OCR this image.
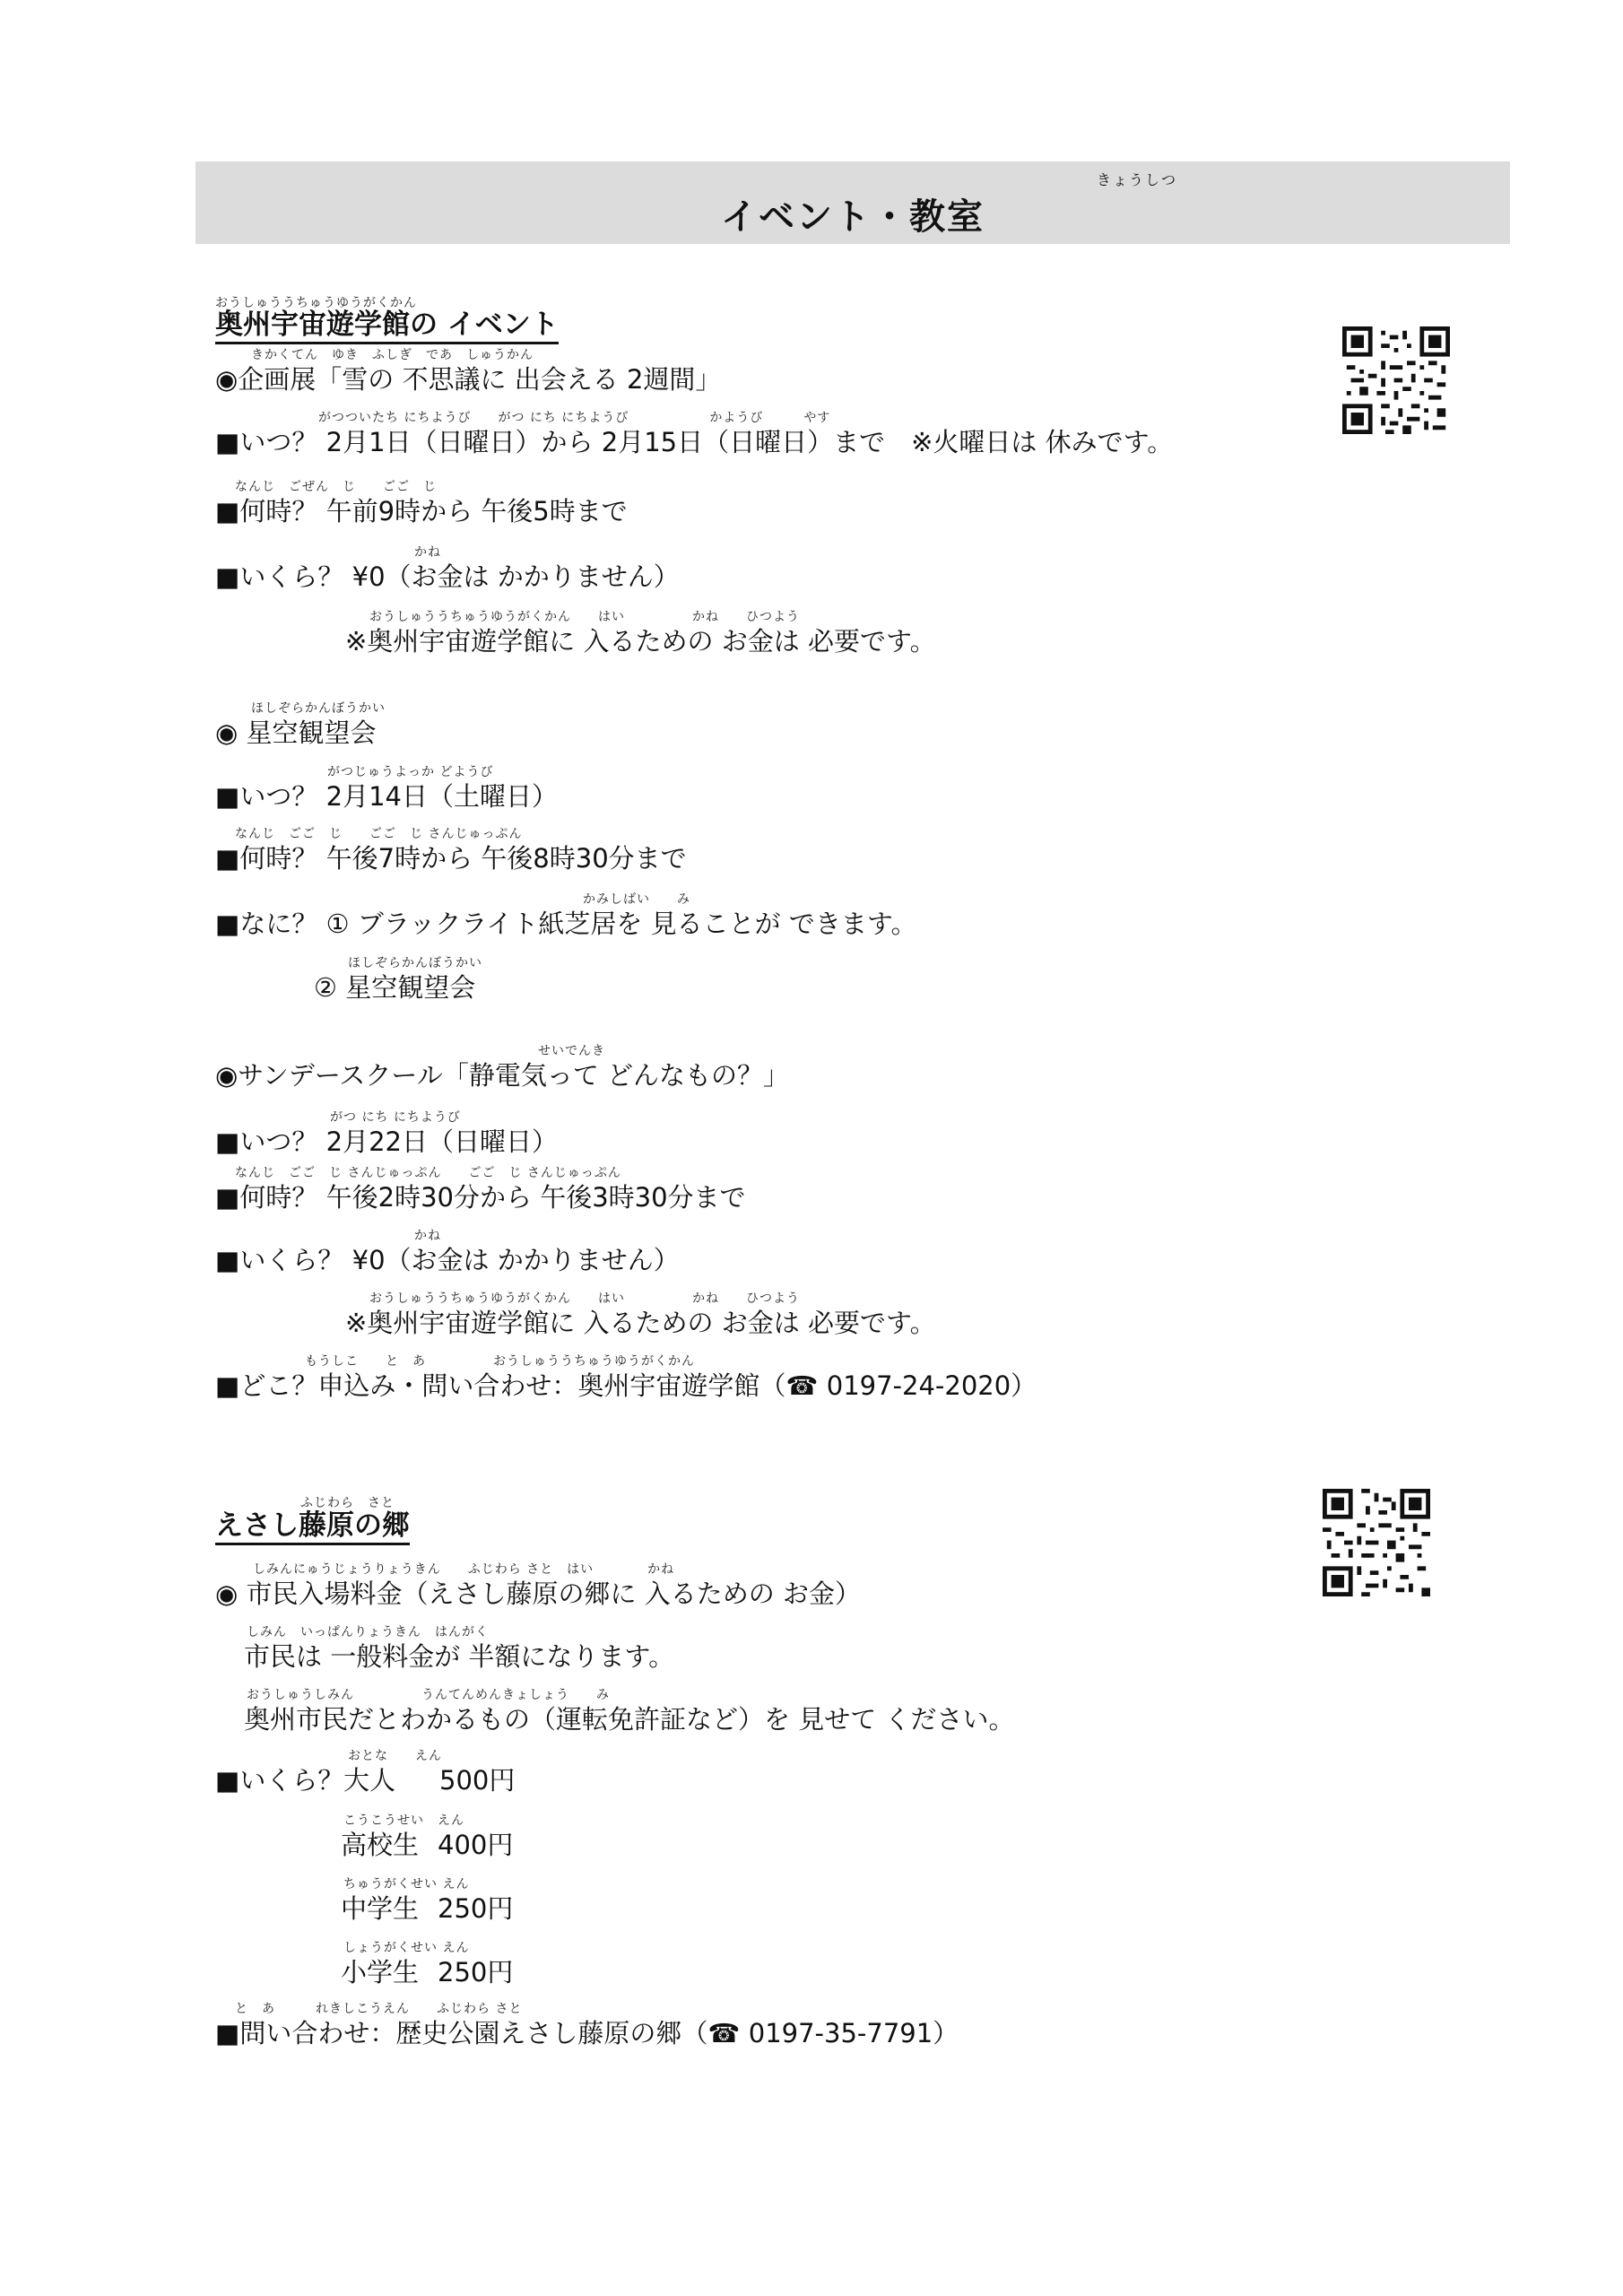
きょうしつ
イベント・教室
おうしゅううちゅうゆうがくかん
奥州宇宙遊学館の イベント
きかくてん　ゆき　ふしぎ　であ　しゅうかん
◉企画展「雪の 不思議に 出会える 2週間」
がつついたち にちようび　　がつ にち にちようび　　　　　　かようび　　　やす
■いつ？ 2月1日（日曜日）から 2月15日（日曜日）まで　※火曜日は 休みです。
なんじ　ごぜん　じ　　ごご　じ
■何時？ 午前9時から 午後5時まで
かね
■いくら？ ¥0（お金は かかりません）
おうしゅううちゅうゆうがくかん　　はい　　　　　かね　　ひつよう
※奥州宇宙遊学館に 入るための お金は 必要です。
ほしぞらかんぼうかい
◉ 星空観望会
がつじゅうよっか どようび
■いつ？ 2月14日（土曜日）
なんじ　ごご　じ　　ごご　じ さんじゅっぷん
■何時？ 午後7時から 午後8時30分まで
かみしばい　　み
■なに？ ① ブラックライト紙芝居を 見ることが できます。
ほしぞらかんぼうかい
② 星空観望会
せいでんき
◉サンデースクール「静電気って どんなもの？」
がつ にち にちようび
■いつ？ 2月22日（日曜日）
なんじ　ごご　じ さんじゅっぷん　　ごご　じ さんじゅっぷん
■何時？ 午後2時30分から 午後3時30分まで
かね
■いくら？ ¥0（お金は かかりません）
おうしゅううちゅうゆうがくかん　　はい　　　　　かね　　ひつよう
※奥州宇宙遊学館に 入るための お金は 必要です。
もうしこ　　と　あ　　　　　おうしゅううちゅうゆうがくかん
■どこ？申込み・問い合わせ：奥州宇宙遊学館（☎ 0197-24-2020）
ふじわら　さと
えさし藤原の郷
しみんにゅうじょうりょうきん　　ふじわら さと　はい　　　　かね
◉ 市民入場料金（えさし藤原の郷に 入るための お金）
しみん　いっぱんりょうきん　はんがく
市民は 一般料金が 半額になります。
おうしゅうしみん　　　　　うんてんめんきょしょう　　み
奥州市民だとわかるもの（運転免許証など）を 見せて ください。
■いくら？
おとな　　えん
大人 500円
こうこうせい　えん
高校生 400円
ちゅうがくせい えん
中学生 250円
しょうがくせい えん
小学生 250円
と　あ　　　れきしこうえん　　ふじわら さと
■問い合わせ：歴史公園えさし藤原の郷（☎ 0197-35-7791）
